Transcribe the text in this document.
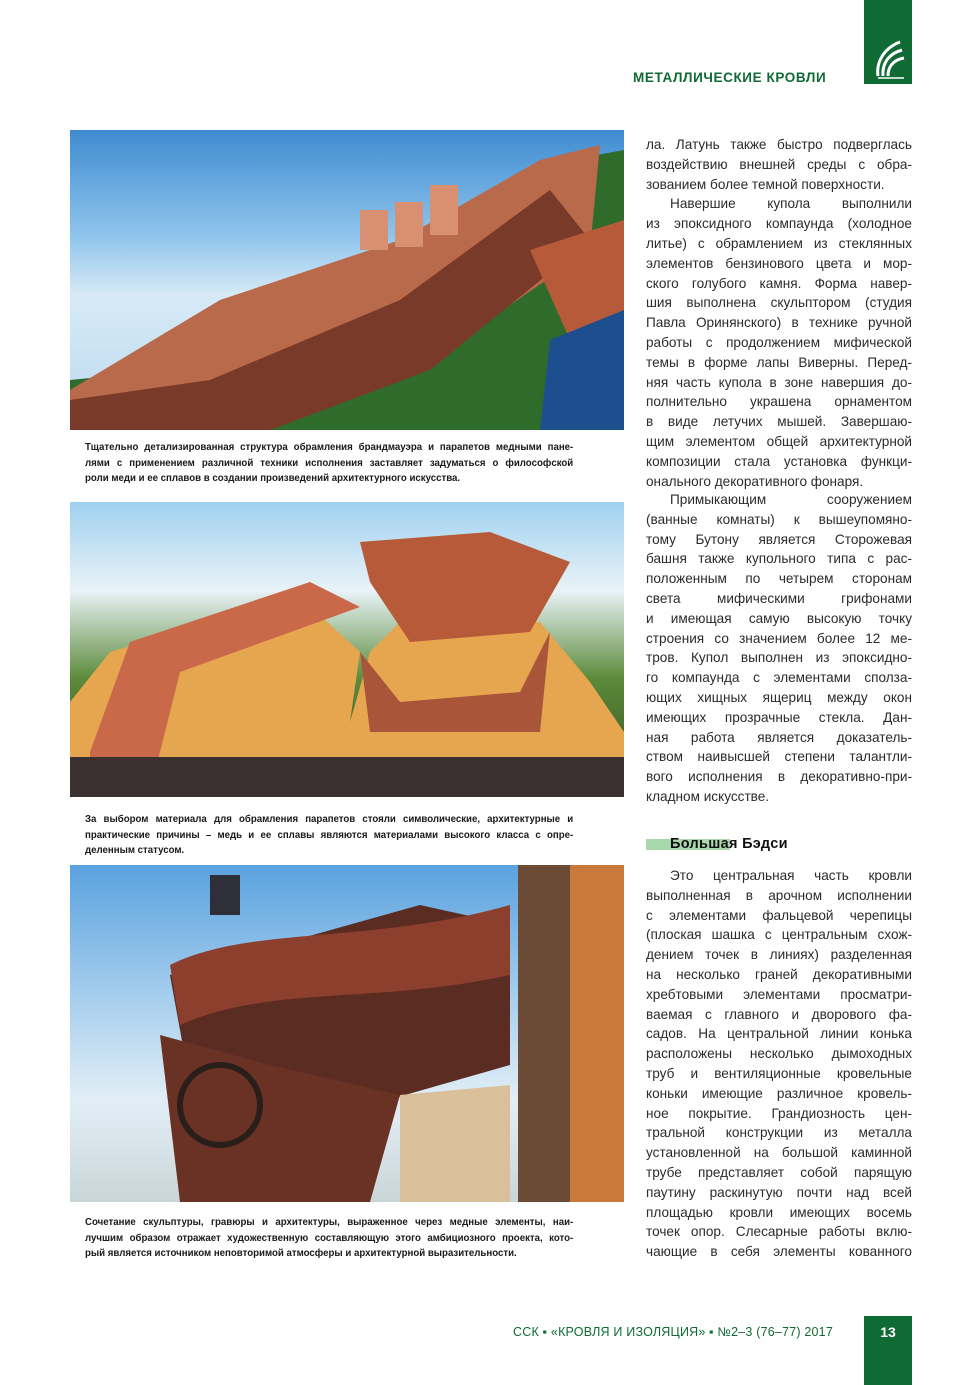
МЕТАЛЛИЧЕСКИЕ КРОВЛИ
Тщательно детализированная структура обрамления брандмауэра и парапетов медными пане-
лями с применением различной техники исполнения заставляет задуматься о философской
роли меди и ее сплавов в создании произведений архитектурного искусства.
За выбором материала для обрамления парапетов стояли символические, архитектурные и
практические причины – медь и ее сплавы являются материалами высокого класса с опре-
деленным статусом.
Сочетание скульптуры, гравюры и архитектуры, выраженное через медные элементы, наи-
лучшим образом отражает художественную составляющую этого амбициозного проекта, кото-
рый является источником неповторимой атмосферы и архитектурной выразительности.
ла. Латунь также быстро подверглась
воздействию внешней среды с обра-
зованием более темной поверхности.
Навершие купола выполнили
из эпоксидного компаунда (холодное
литье) с обрамлением из стеклянных
элементов бензинового цвета и мор-
ского голубого камня. Форма навер-
шия выполнена скульптором (студия
Павла Оринянского) в технике ручной
работы с продолжением мифической
темы в форме лапы Виверны. Перед-
няя часть купола в зоне навершия до-
полнительно украшена орнаментом
в виде летучих мышей. Завершаю-
щим элементом общей архитектурной
композиции стала установка функци-
онального декоративного фонаря.
Примыкающим сооружением
(ванные комнаты) к вышеупомяно-
тому Бутону является Сторожевая
башня также купольного типа с рас-
положенным по четырем сторонам
света мифическими грифонами
и имеющая самую высокую точку
строения со значением более 12 ме-
тров. Купол выполнен из эпоксидно-
го компаунда с элементами сполза-
ющих хищных ящериц между окон
имеющих прозрачные стекла. Дан-
ная работа является доказатель-
ством наивысшей степени талантли-
вого исполнения в декоративно-при-
кладном искусстве.
Большая Бэдси
Это центральная часть кровли
выполненная в арочном исполнении
с элементами фальцевой черепицы
(плоская шашка с центральным схож-
дением точек в линиях) разделенная
на несколько граней декоративными
хребтовыми элементами просматри-
ваемая с главного и дворового фа-
садов. На центральной линии конька
расположены несколько дымоходных
труб и вентиляционные кровельные
коньки имеющие различное кровель-
ное покрытие. Грандиозность цен-
тральной конструкции из металла
установленной на большой каминной
трубе представляет собой парящую
паутину раскинутую почти над всей
площадью кровли имеющих восемь
точек опор. Слесарные работы вклю-
чающие в себя элементы кованного
ССК ▪ «КРОВЛЯ И ИЗОЛЯЦИЯ» ▪ №2–3 (76–77) 2017	13
